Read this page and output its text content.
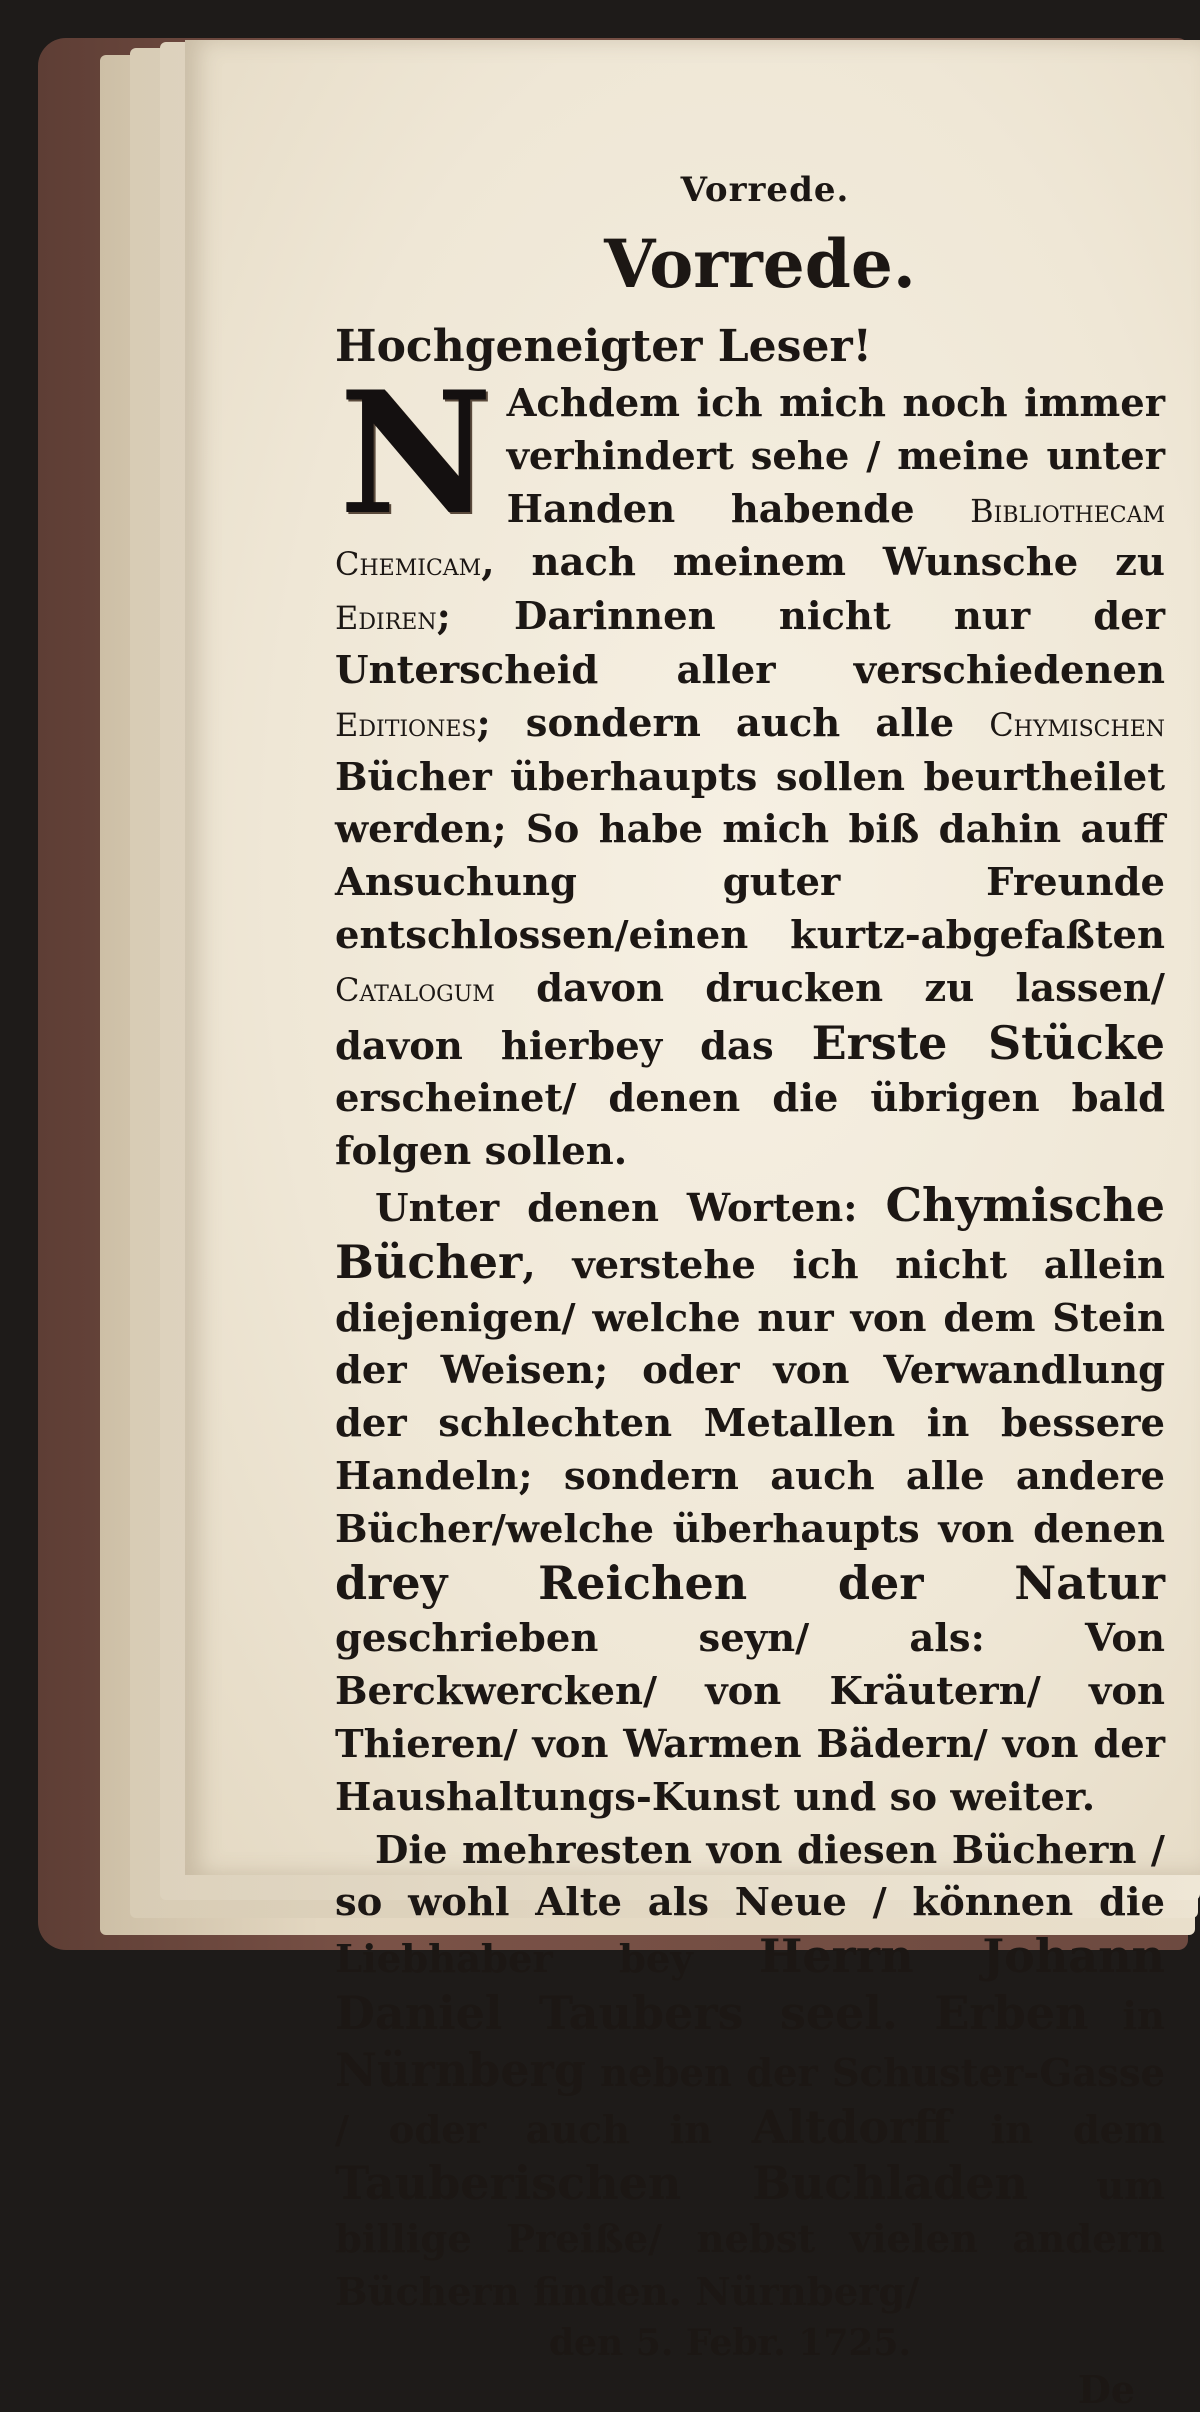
Vorrede.
Vorrede.
Hochgeneigter Leser!

N Achdem ich mich noch immer verhindert sehe / meine unter Handen habende Bibliothecam Chemicam, nach meinem Wunsche zu Ediren; Darinnen nicht nur der Unterscheid aller verschiedenen Editiones; sondern auch alle Chymischen Bücher überhaupts sollen beurtheilet werden; So habe mich biß dahin auff Ansuchung guter Freunde entschlossen/einen kurtz-abgefaßten Catalogum davon drucken zu lassen/ davon hierbey das Erste Stücke erscheinet/ denen die übrigen bald folgen sollen.

Unter denen Worten: Chymische Bücher, verstehe ich nicht allein diejenigen/ welche nur von dem Stein der Weisen; oder von Verwandlung der schlechten Metallen in bessere Handeln; sondern auch alle andere Bücher/welche überhaupts von denen drey Reichen der Natur geschrieben seyn/ als: Von Berckwercken/ von Kräutern/ von Thieren/ von Warmen Bädern/ von der Haushaltungs-Kunst und so weiter.

Die mehresten von diesen Büchern / so wohl Alte als Neue / können die Liebhaber bey Herrn Johann Daniel Taubers seel. Erben in Nürnberg neben der Schuster-Gasse / oder auch in Altdorff in dem Tauberischen Buchladen um billige Preiße/ nebst vielen andern Büchern finden. Nürnberg/

den 5. Febr. 1725.
De
